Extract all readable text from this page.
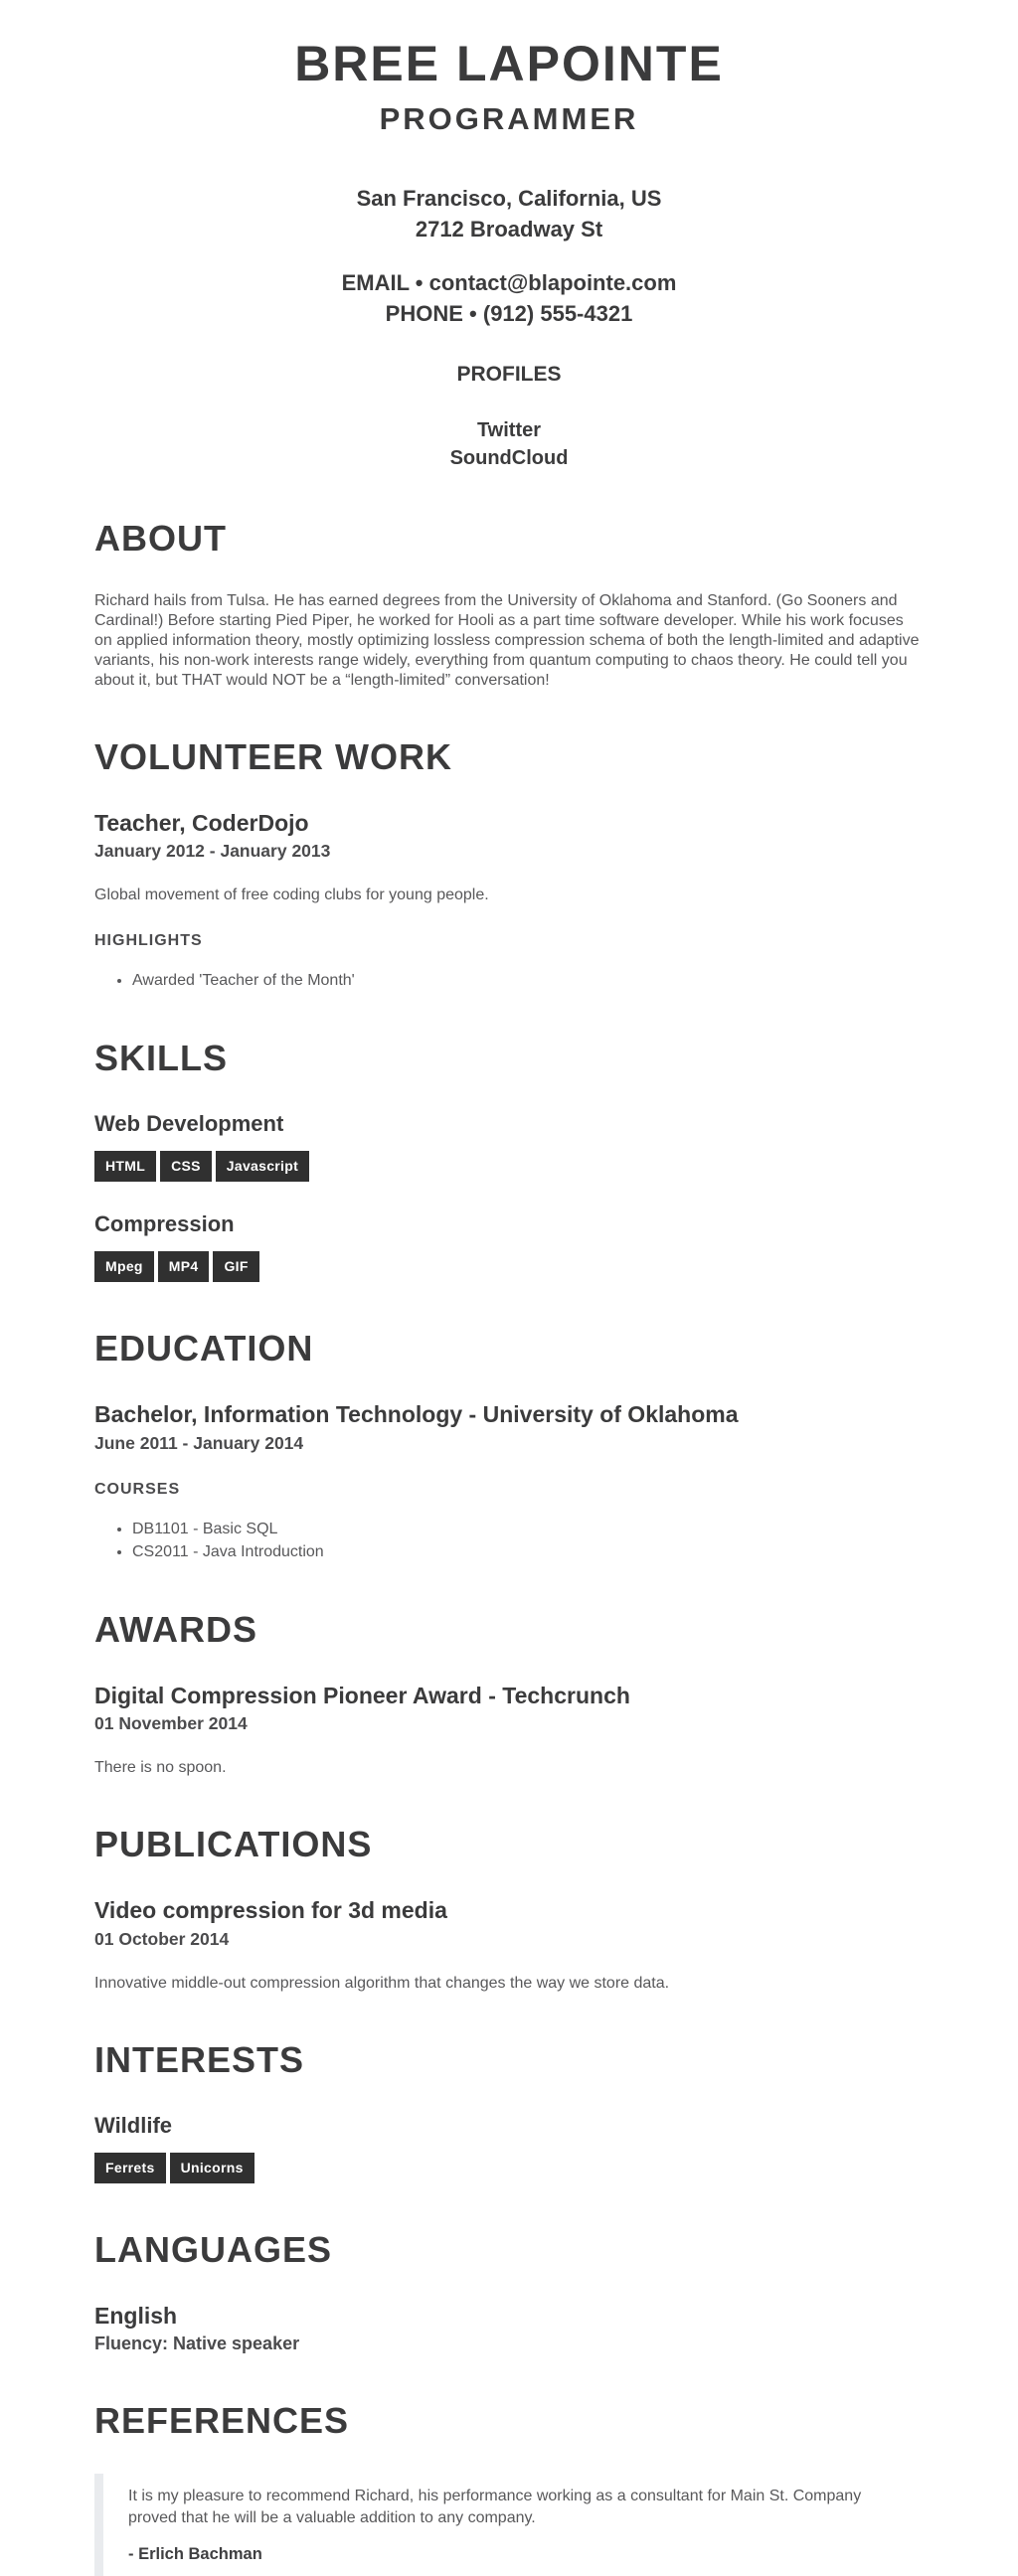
BREE LAPOINTE
PROGRAMMER
San Francisco, California, US
2712 Broadway St
EMAIL • contact@blapointe.com
PHONE • (912) 555-4321
PROFILES
Twitter
SoundCloud
ABOUT

Richard hails from Tulsa. He has earned degrees from the University of Oklahoma and Stanford. (Go Sooners and Cardinal!) Before starting Pied Piper, he worked for Hooli as a part time software developer. While his work focuses on applied information theory, mostly optimizing lossless compression schema of both the length-limited and adaptive variants, his non-work interests range widely, everything from quantum computing to chaos theory. He could tell you about it, but THAT would NOT be a “length-limited” conversation!

VOLUNTEER WORK
Teacher, CoderDojo
January 2012 - January 2013
Global movement of free coding clubs for young people.
HIGHLIGHTS
• Awarded 'Teacher of the Month'
SKILLS
Web Development
HTML	CSS	Javascript
Compression
Mpeg	MP4	GIF
EDUCATION
Bachelor, Information Technology - University of Oklahoma
June 2011 - January 2014
COURSES
• DB1101 - Basic SQL
• CS2011 - Java Introduction
AWARDS
Digital Compression Pioneer Award - Techcrunch
01 November 2014
There is no spoon.
PUBLICATIONS
Video compression for 3d media
01 October 2014
Innovative middle-out compression algorithm that changes the way we store data.
INTERESTS
Wildlife
Ferrets	Unicorns
LANGUAGES
English
Fluency: Native speaker
REFERENCES

It is my pleasure to recommend Richard, his performance working as a consultant for Main St. Company proved that he will be a valuable addition to any company.

- Erlich Bachman
